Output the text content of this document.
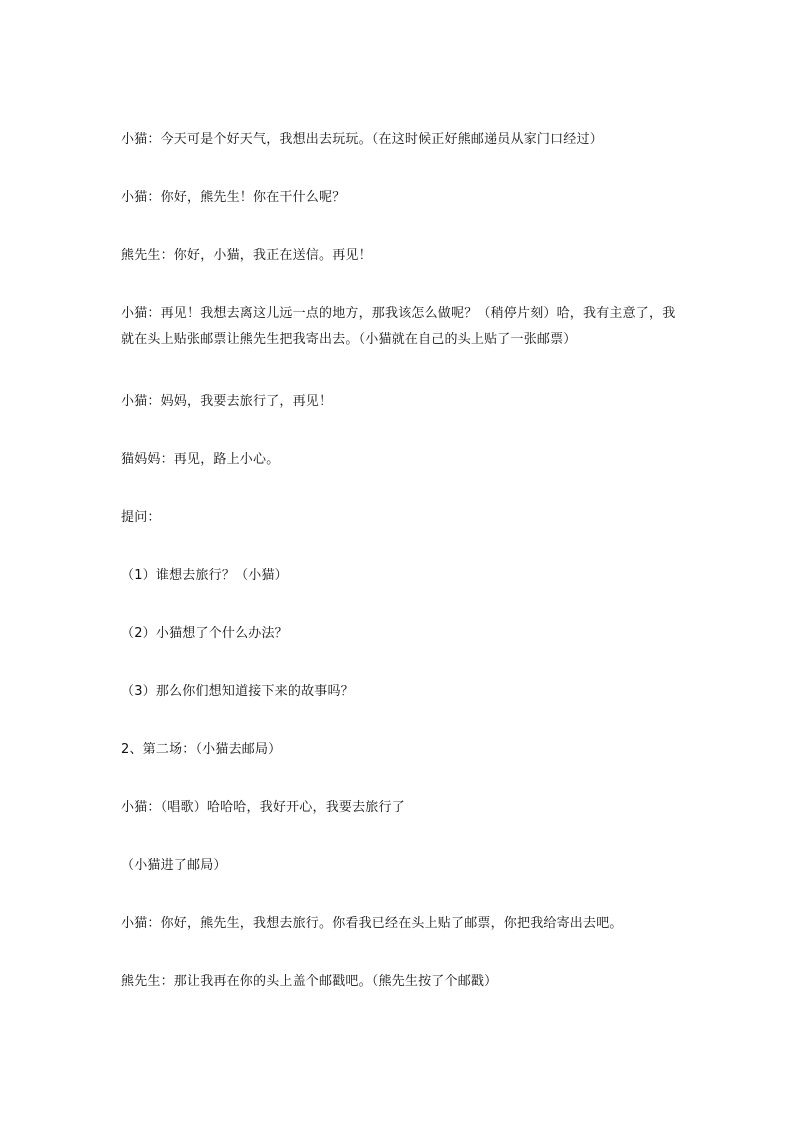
小猫：今天可是个好天气，我想出去玩玩。（在这时候正好熊邮递员从家门口经过）
小猫：你好，熊先生！你在干什么呢？
熊先生：你好，小猫，我正在送信。再见！
小猫：再见！我想去离这儿远一点的地方，那我该怎么做呢？（稍停片刻）哈，我有主意了，我就在头上贴张邮票让熊先生把我寄出去。（小猫就在自己的头上贴了一张邮票）
小猫：妈妈，我要去旅行了，再见！
猫妈妈：再见，路上小心。
提问：
（1）谁想去旅行？（小猫）
（2）小猫想了个什么办法？
（3）那么你们想知道接下来的故事吗？
2、第二场：（小猫去邮局）
小猫：（唱歌）哈哈哈，我好开心，我要去旅行了
（小猫进了邮局）
小猫：你好，熊先生，我想去旅行。你看我已经在头上贴了邮票，你把我给寄出去吧。
熊先生：那让我再在你的头上盖个邮戳吧。（熊先生按了个邮戳）
